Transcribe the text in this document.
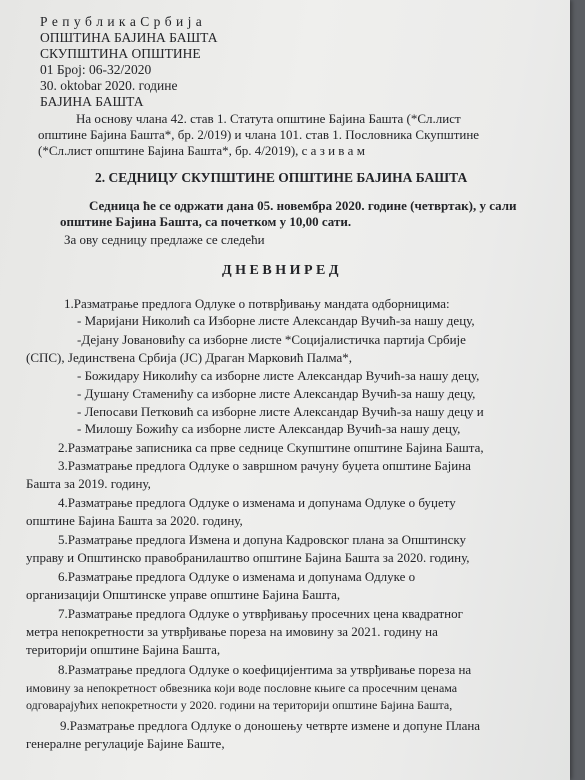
Р е п у б л и к а С р б и ј а
ОПШТИНА БАЈИНА БАШТА
СКУПШТИНА ОПШТИНЕ
01 Број: 06-32/2020
30. oktobar 2020. године
БАЈИНА БАШТА
На основу члана 42. став 1. Статута општине Бајина Башта (*Сл.лист
општине Бајина Башта*, бр. 2/019) и члана 101. став 1. Пословника Скупштине
(*Сл.лист општине Бајина Башта*, бр. 4/2019), с а з и в а м
2. СЕДНИЦУ СКУПШТИНЕ ОПШТИНЕ БАЈИНА БАШТА
Седница ће се одржати дана 05. новембра 2020. године (четвртак), у сали
општине Бајина Башта, са почетком у 10,00 сати.
За ову седницу предлаже се следећи
Д Н Е В Н И Р Е Д
1.Разматрање предлога Одлуке о потврђивању мандата одборницима:
- Маријани Николић са Изборне листе Александар Вучић-за нашу децу,
-Дејану Јовановићу са изборне листе *Социјалистичка партија Србије
(СПС), Јединствена Србија (ЈС) Драган Марковић Палма*,
- Божидару Николићу са изборне листе Александар Вучић-за нашу децу,
- Душану Стаменићу са изборне листе Александар Вучић-за нашу децу,
- Лепосави Петковић са изборне листе Александар Вучић-за нашу децу и
- Милошу Божићу са изборне листе Александар Вучић-за нашу децу,
2.Разматрање записника са прве седнице Скупштине општине Бајина Башта,
3.Разматрање предлога Одлуке о завршном рачуну буџета општине Бајина
Башта за 2019. годину,
4.Разматрање предлога Одлуке о изменама и допунама Одлуке о буџету
општине Бајина Башта за 2020. годину,
5.Разматрање предлога Измена и допуна Кадровског плана за Општинску
управу и Општинско правобранилаштво општине Бајина Башта за 2020. годину,
6.Разматрање предлога Одлуке о изменама и допунама Одлуке о
организацији Општинске управе општине Бајина Башта,
7.Разматрање предлога Одлуке о утврђивању просечних цена квадратног
метра непокретности за утврђивање пореза на имовину за 2021. годину на
територији општине Бајина Башта,
8.Разматрање предлога Одлуке о коефицијентима за утврђивање пореза на
имовину за непокретност обвезника који воде пословне књиге са просечним ценама
одговарајућих непокретности у 2020. години на територији општине Бајина Башта,
9.Разматрање предлога Одлуке о доношењу четврте измене и допуне Плана
генералне регулације Бајине Баште,
